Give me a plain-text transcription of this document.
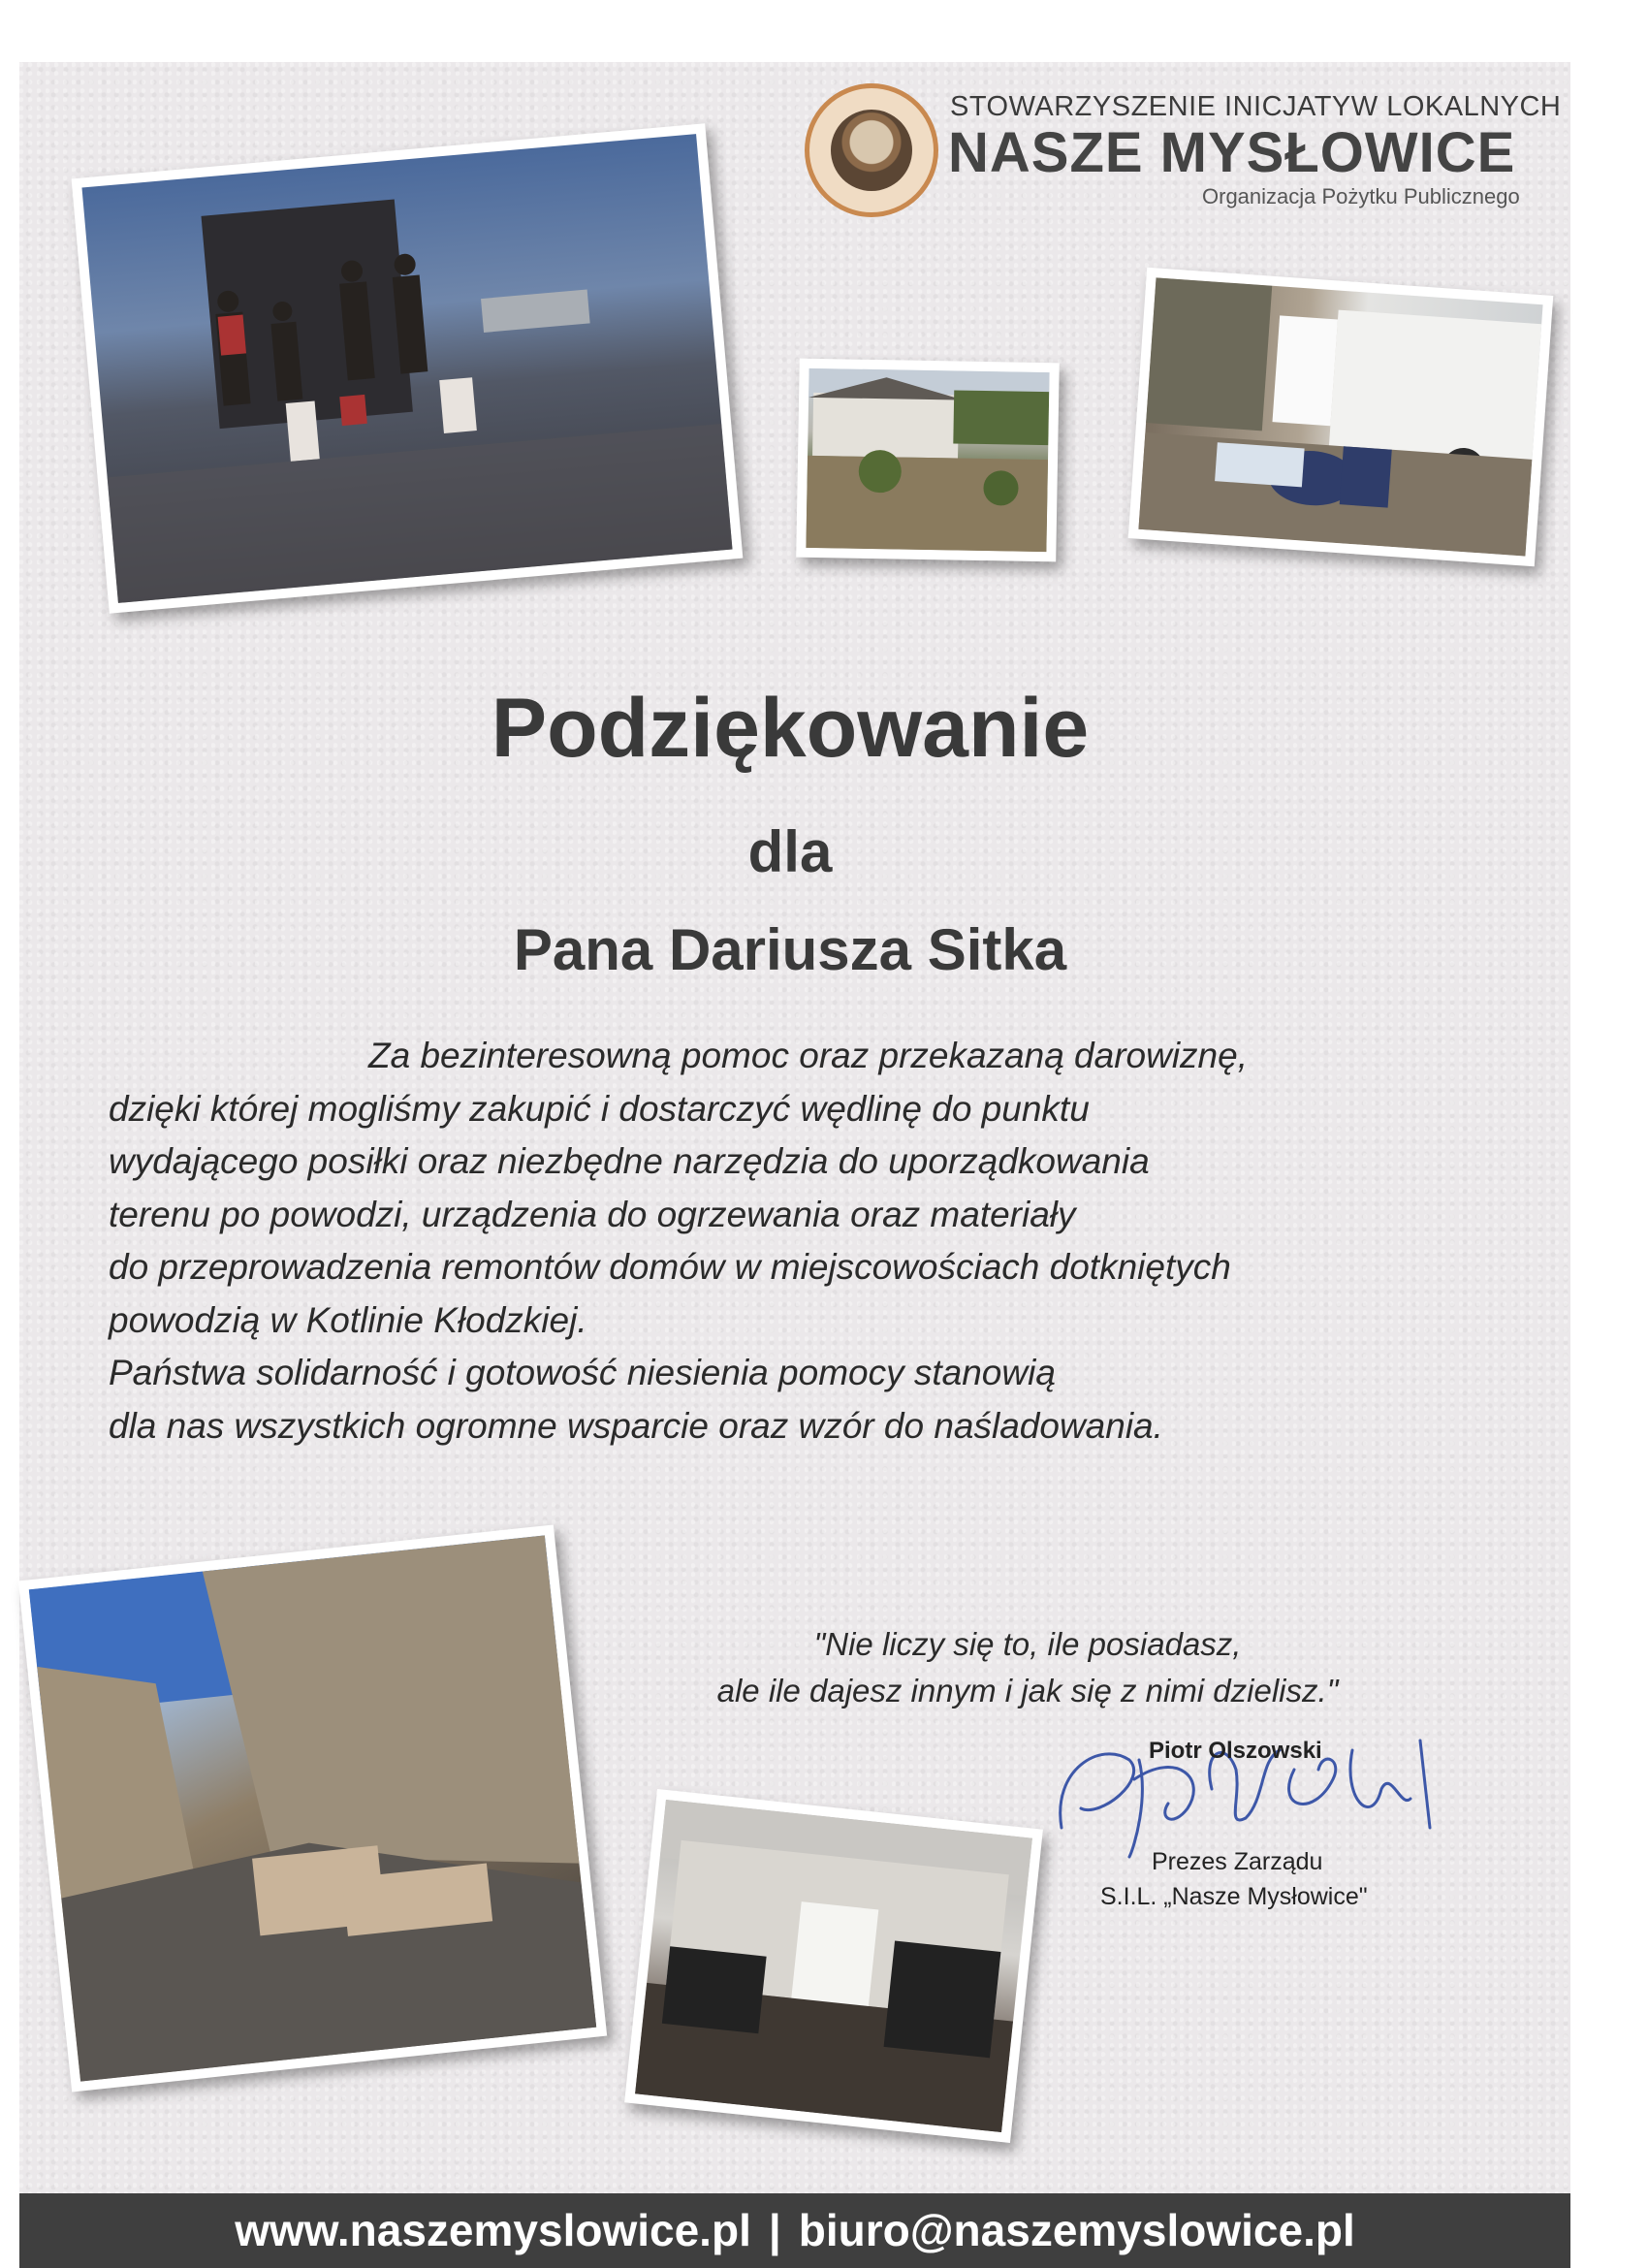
STOWARZYSZENIE INICJATYW LOKALNYCH
NASZE MYSŁOWICE
Organizacja Pożytku Publicznego
Podziękowanie
dla
Pana Dariusza Sitka
Za bezinteresowną pomoc oraz przekazaną darowiznę,
dzięki której mogliśmy zakupić i dostarczyć wędlinę do punktu
wydającego posiłki oraz niezbędne narzędzia do uporządkowania
terenu po powodzi, urządzenia do ogrzewania oraz materiały
do przeprowadzenia remontów domów w miejscowościach dotkniętych
powodzią w Kotlinie Kłodzkiej.
Państwa solidarność i gotowość niesienia pomocy stanowią
dla nas wszystkich ogromne wsparcie oraz wzór do naśladowania.
"Nie liczy się to, ile posiadasz,
ale ile dajesz innym i jak się z nimi dzielisz."
Piotr Olszowski
Prezes Zarządu
S.I.L. „Nasze Mysłowice"
www.naszemyslowice.pl | biuro@naszemyslowice.pl
